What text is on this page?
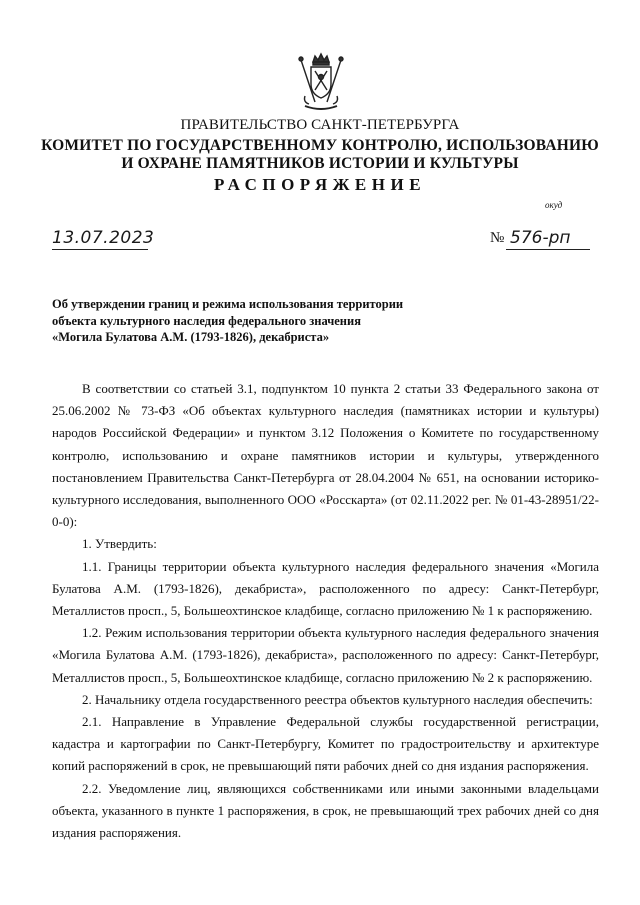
ПРАВИТЕЛЬСТВО САНКТ-ПЕТЕРБУРГА
КОМИТЕТ ПО ГОСУДАРСТВЕННОМУ КОНТРОЛЮ, ИСПОЛЬЗОВАНИЮ
И ОХРАНЕ ПАМЯТНИКОВ ИСТОРИИ И КУЛЬТУРЫ
РАСПОРЯЖЕНИЕ
окуд
13.07.2023	№ 576-рп
Об утверждении границ и режима использования территории
объекта культурного наследия федерального значения
«Могила Булатова А.М. (1793-1826), декабриста»

В соответствии со статьей 3.1, подпунктом 10 пункта 2 статьи 33 Федерального закона от 25.06.2002 № 73-ФЗ «Об объектах культурного наследия (памятниках истории и культуры) народов Российской Федерации» и пунктом 3.12 Положения о Комитете по государственному контролю, использованию и охране памятников истории и культуры, утвержденного постановлением Правительства Санкт-Петербурга от 28.04.2004 № 651, на основании историко-культурного исследования, выполненного ООО «Росскарта» (от 02.11.2022 рег. № 01-43-28951/22-0-0):

1. Утвердить:

1.1. Границы территории объекта культурного наследия федерального значения «Могила Булатова А.М. (1793-1826), декабриста», расположенного по адресу: Санкт-Петербург, Металлистов просп., 5, Большеохтинское кладбище, согласно приложению № 1 к распоряжению.

1.2. Режим использования территории объекта культурного наследия федерального значения «Могила Булатова А.М. (1793-1826), декабриста», расположенного по адресу: Санкт-Петербург, Металлистов просп., 5, Большеохтинское кладбище, согласно приложению № 2 к распоряжению.

2. Начальнику отдела государственного реестра объектов культурного наследия обеспечить:

2.1. Направление в Управление Федеральной службы государственной регистрации, кадастра и картографии по Санкт-Петербургу, Комитет по градостроительству и архитектуре копий распоряжений в срок, не превышающий пяти рабочих дней со дня издания распоряжения.

2.2. Уведомление лиц, являющихся собственниками или иными законными владельцами объекта, указанного в пункте 1 распоряжения, в срок, не превышающий трех рабочих дней со дня издания распоряжения.
